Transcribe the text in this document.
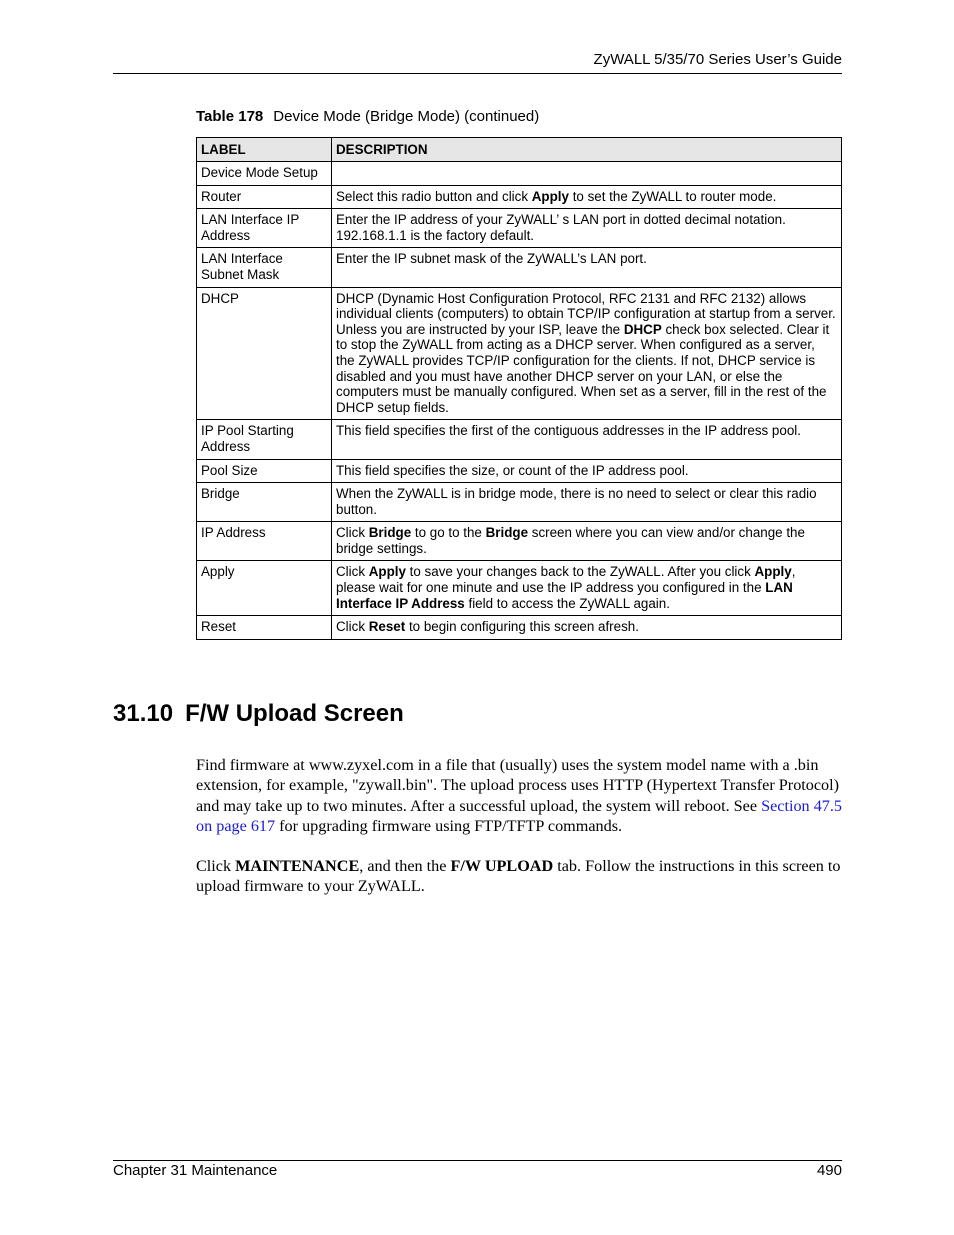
ZyWALL 5/35/70 Series User’s Guide
Table 178 Device Mode (Bridge Mode) (continued)
LABEL	DESCRIPTION
Device Mode Setup	
Router	Select this radio button and click Apply to set the ZyWALL to router mode.
LAN Interface IP Address	Enter the IP address of your ZyWALL’ s LAN port in dotted decimal notation. 192.168.1.1 is the factory default.
LAN Interface Subnet Mask	Enter the IP subnet mask of the ZyWALL’s LAN port.
DHCP	DHCP (Dynamic Host Configuration Protocol, RFC 2131 and RFC 2132) allows individual clients (computers) to obtain TCP/IP configuration at startup from a server. Unless you are instructed by your ISP, leave the DHCP check box selected. Clear it to stop the ZyWALL from acting as a DHCP server. When configured as a server, the ZyWALL provides TCP/IP configuration for the clients. If not, DHCP service is disabled and you must have another DHCP server on your LAN, or else the computers must be manually configured. When set as a server, fill in the rest of the DHCP setup fields.
IP Pool Starting Address	This field specifies the first of the contiguous addresses in the IP address pool.
Pool Size	This field specifies the size, or count of the IP address pool.
Bridge	When the ZyWALL is in bridge mode, there is no need to select or clear this radio button.
IP Address	Click Bridge to go to the Bridge screen where you can view and/or change the bridge settings.
Apply	Click Apply to save your changes back to the ZyWALL. After you click Apply, please wait for one minute and use the IP address you configured in the LAN Interface IP Address field to access the ZyWALL again.
Reset	Click Reset to begin configuring this screen afresh.
31.10 F/W Upload Screen

Find firmware at www.zyxel.com in a file that (usually) uses the system model name with a .bin extension, for example, "zywall.bin". The upload process uses HTTP (Hypertext Transfer Protocol) and may take up to two minutes. After a successful upload, the system will reboot. See Section 47.5 on page 617 for upgrading firmware using FTP/TFTP commands.

Click MAINTENANCE, and then the F/W UPLOAD tab. Follow the instructions in this screen to upload firmware to your ZyWALL.

Chapter 31 Maintenance	490
